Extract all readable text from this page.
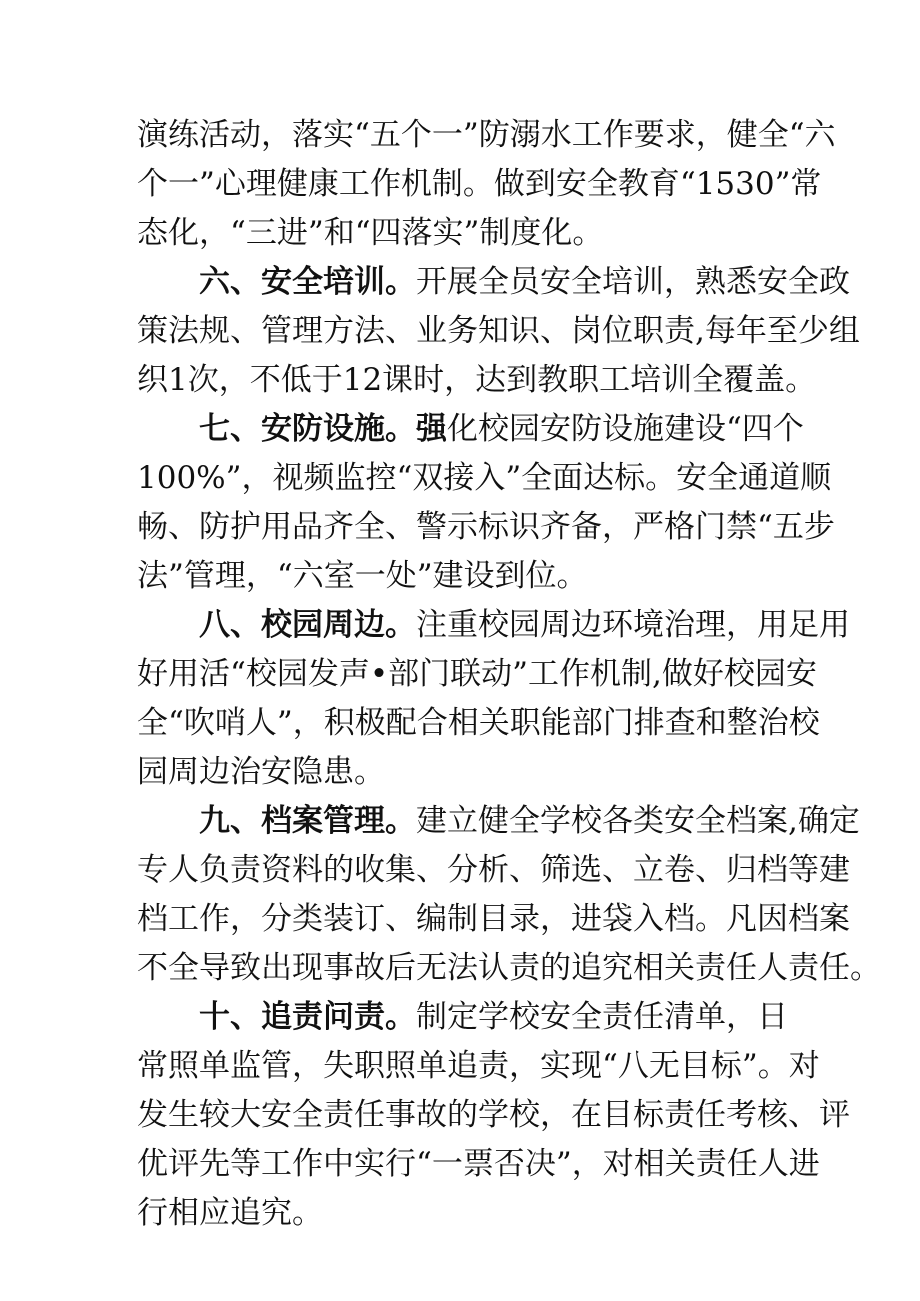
演练活动，落实“五个一”防溺水工作要求，健全“六
个一”心理健康工作机制。做到安全教育“1530”常
态化，“三进”和“四落实”制度化。
六、安全培训。开展全员安全培训，熟悉安全政
策法规、管理方法、业务知识、岗位职责,每年至少组
织1次，不低于12课时，达到教职工培训全覆盖。
七、安防设施。强化校园安防设施建设“四个
100%”，视频监控“双接入”全面达标。安全通道顺
畅、防护用品齐全、警示标识齐备，严格门禁“五步
法”管理，“六室一处”建设到位。
八、校园周边。注重校园周边环境治理，用足用
好用活“校园发声•部门联动”工作机制,做好校园安
全“吹哨人”，积极配合相关职能部门排查和整治校
园周边治安隐患。
九、档案管理。建立健全学校各类安全档案,确定
专人负责资料的收集、分析、筛选、立卷、归档等建
档工作，分类装订、编制目录，进袋入档。凡因档案
不全导致出现事故后无法认责的追究相关责任人责任。
十、追责问责。制定学校安全责任清单，日
常照单监管，失职照单追责，实现“八无目标”。对
发生较大安全责任事故的学校，在目标责任考核、评
优评先等工作中实行“一票否决”，对相关责任人进
行相应追究。
